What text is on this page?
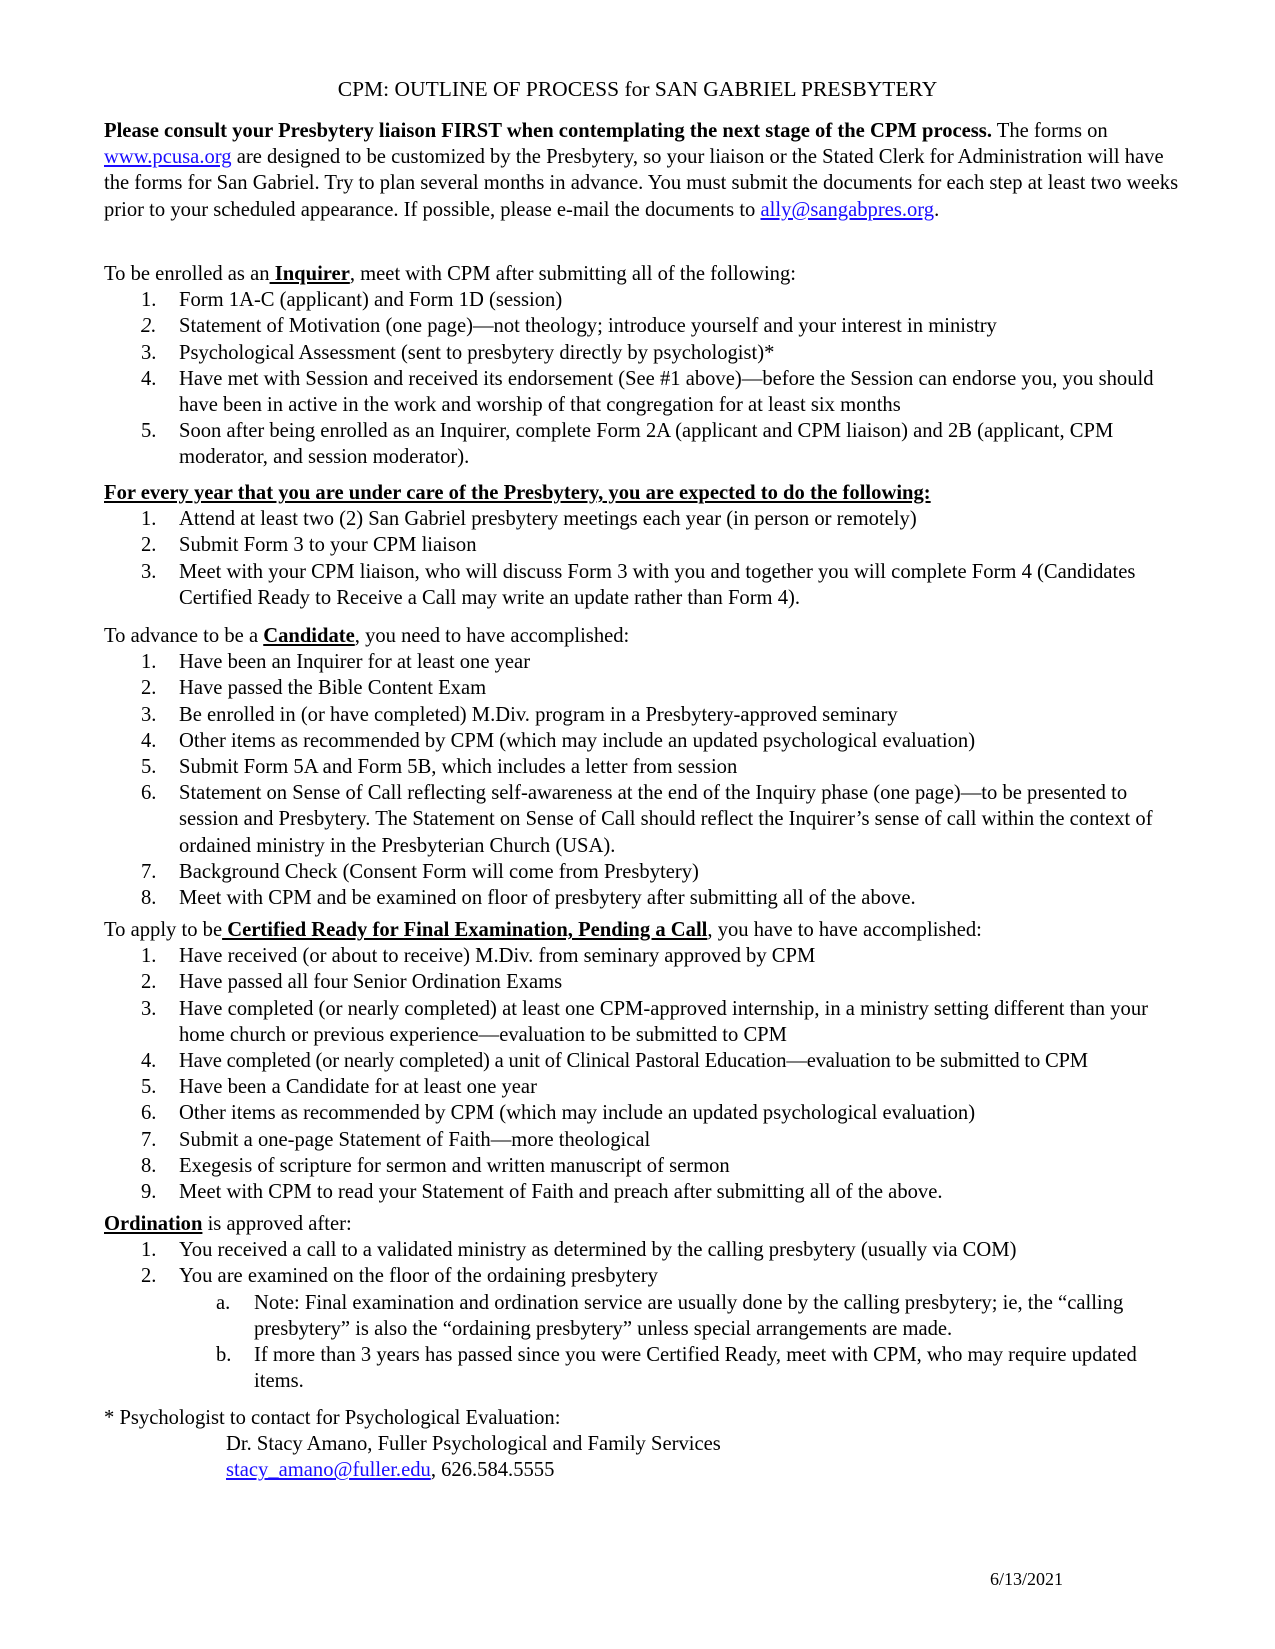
CPM: OUTLINE OF PROCESS for SAN GABRIEL PRESBYTERY

Please consult your Presbytery liaison FIRST when contemplating the next stage of the CPM process. The forms on www.pcusa.org are designed to be customized by the Presbytery, so your liaison or the Stated Clerk for Administration will have the forms for San Gabriel. Try to plan several months in advance. You must submit the documents for each step at least two weeks prior to your scheduled appearance. If possible, please e-mail the documents to ally@sangabpres.org.

To be enrolled as an Inquirer, meet with CPM after submitting all of the following:

1.	Form 1A-C (applicant) and Form 1D (session)
2.	Statement of Motivation (one page)—not theology; introduce yourself and your interest in ministry
3.	Psychological Assessment (sent to presbytery directly by psychologist)*
4.	Have met with Session and received its endorsement (See #1 above)—before the Session can endorse you, you should have been in active in the work and worship of that congregation for at least six months
5.	Soon after being enrolled as an Inquirer, complete Form 2A (applicant and CPM liaison) and 2B (applicant, CPM moderator, and session moderator).

For every year that you are under care of the Presbytery, you are expected to do the following:

1.	Attend at least two (2) San Gabriel presbytery meetings each year (in person or remotely)
2.	Submit Form 3 to your CPM liaison
3.	Meet with your CPM liaison, who will discuss Form 3 with you and together you will complete Form 4 (Candidates Certified Ready to Receive a Call may write an update rather than Form 4).

To advance to be a Candidate, you need to have accomplished:

1.	Have been an Inquirer for at least one year
2.	Have passed the Bible Content Exam
3.	Be enrolled in (or have completed) M.Div. program in a Presbytery-approved seminary
4.	Other items as recommended by CPM (which may include an updated psychological evaluation)
5.	Submit Form 5A and Form 5B, which includes a letter from session
6.	Statement on Sense of Call reflecting self-awareness at the end of the Inquiry phase (one page)—to be presented to session and Presbytery. The Statement on Sense of Call should reflect the Inquirer’s sense of call within the context of ordained ministry in the Presbyterian Church (USA).
7.	Background Check (Consent Form will come from Presbytery)
8.	Meet with CPM and be examined on floor of presbytery after submitting all of the above.

To apply to be Certified Ready for Final Examination, Pending a Call, you have to have accomplished:

1.	Have received (or about to receive) M.Div. from seminary approved by CPM
2.	Have passed all four Senior Ordination Exams
3.	Have completed (or nearly completed) at least one CPM-approved internship, in a ministry setting different than your home church or previous experience—evaluation to be submitted to CPM
4.	Have completed (or nearly completed) a unit of Clinical Pastoral Education—evaluation to be submitted to CPM
5.	Have been a Candidate for at least one year
6.	Other items as recommended by CPM (which may include an updated psychological evaluation)
7.	Submit a one-page Statement of Faith—more theological
8.	Exegesis of scripture for sermon and written manuscript of sermon
9.	Meet with CPM to read your Statement of Faith and preach after submitting all of the above.

Ordination is approved after:

1.	You received a call to a validated ministry as determined by the calling presbytery (usually via COM)
2.	You are examined on the floor of the ordaining presbytery
a.	Note: Final examination and ordination service are usually done by the calling presbytery; ie, the “calling presbytery” is also the “ordaining presbytery” unless special arrangements are made.
b.	If more than 3 years has passed since you were Certified Ready, meet with CPM, who may require updated items.

* Psychologist to contact for Psychological Evaluation:

Dr. Stacy Amano, Fuller Psychological and Family Services

stacy_amano@fuller.edu, 626.584.5555

6/13/2021
